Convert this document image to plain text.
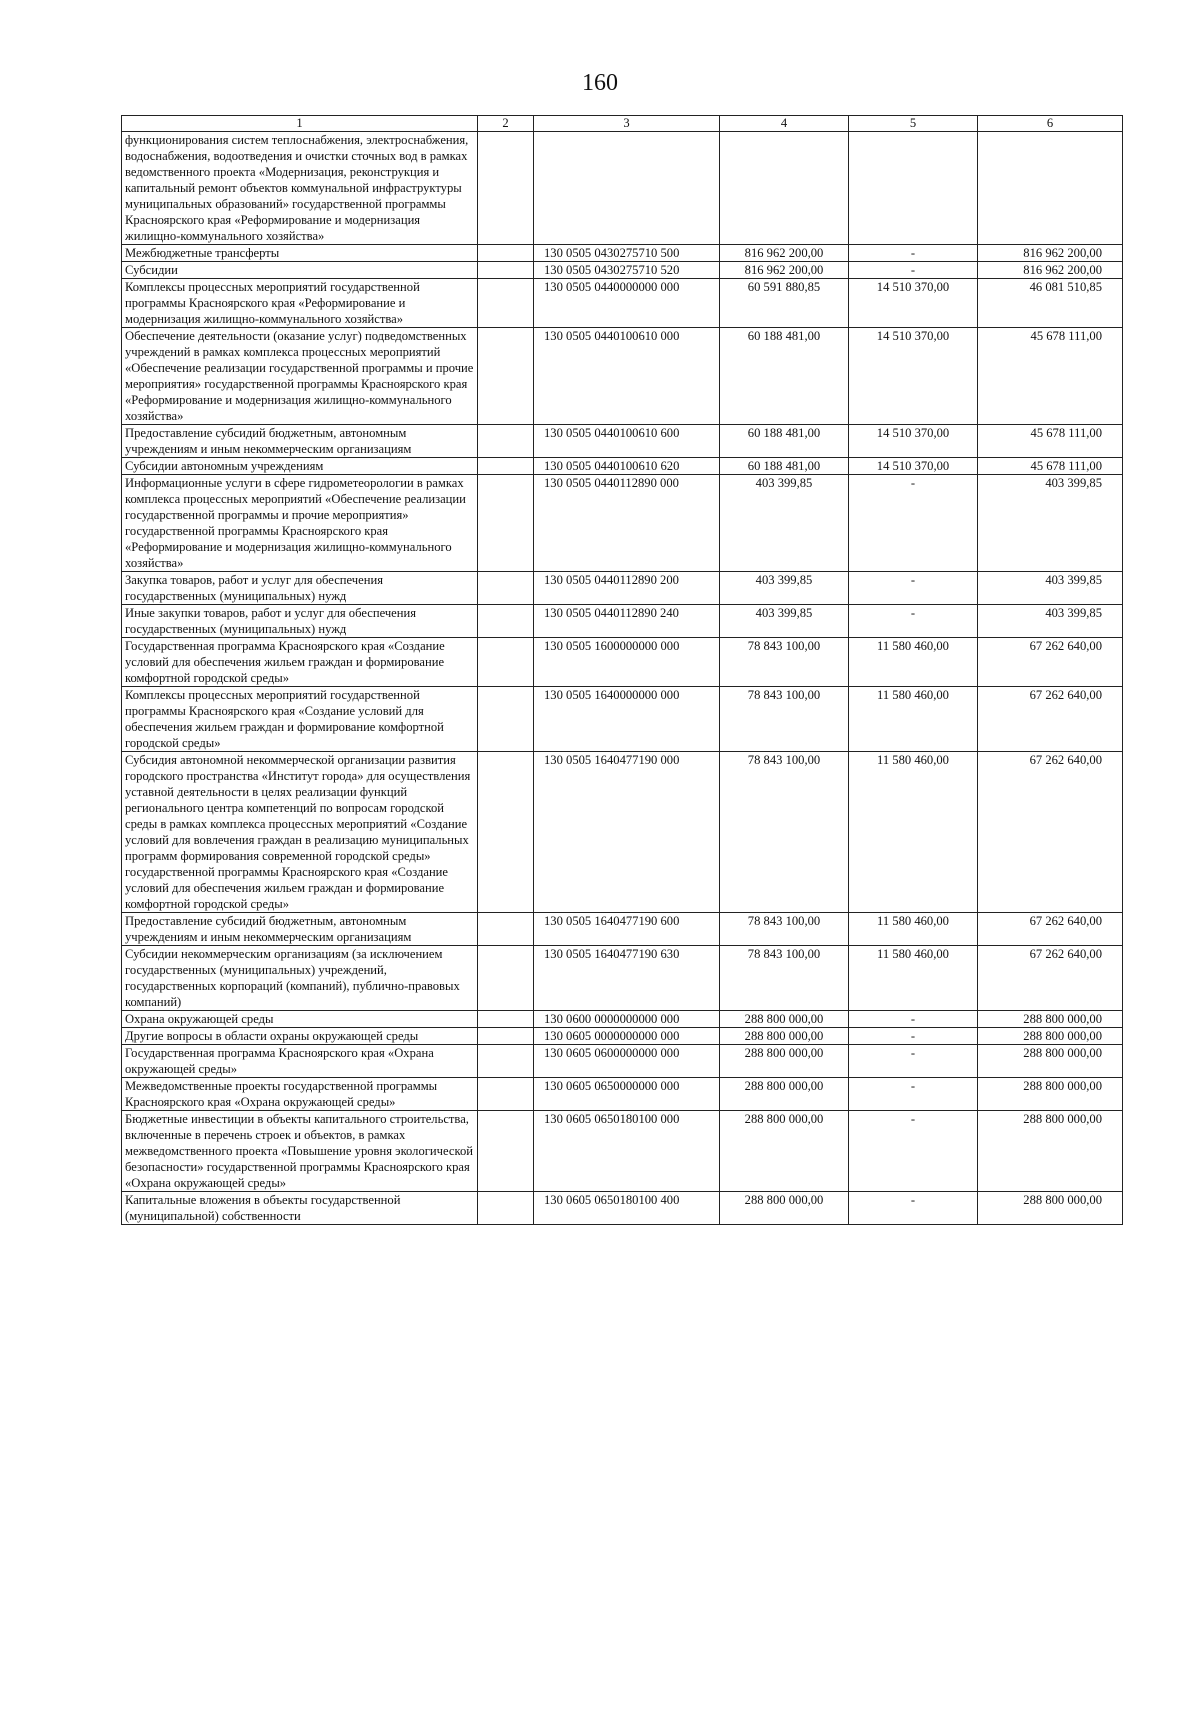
160
1	2	3	4	5	6
функционирования систем теплоснабжения, электроснабжения, водоснабжения, водоотведения и очистки сточных вод в рамках ведомственного проекта «Модернизация, реконструкция и капитальный ремонт объектов коммунальной инфраструктуры муниципальных образований» государственной программы Красноярского края «Реформирование и модернизация жилищно-коммунального хозяйства»					
Межбюджетные трансферты		130 0505 0430275710 500	816 962 200,00	-	816 962 200,00
Субсидии		130 0505 0430275710 520	816 962 200,00	-	816 962 200,00
Комплексы процессных мероприятий государственной программы Красноярского края «Реформирование и модернизация жилищно-коммунального хозяйства»		130 0505 0440000000 000	60 591 880,85	14 510 370,00	46 081 510,85
Обеспечение деятельности (оказание услуг) подведомственных учреждений в рамках комплекса процессных мероприятий «Обеспечение реализации государственной программы и прочие мероприятия» государственной программы Красноярского края «Реформирование и модернизация жилищно-коммунального хозяйства»		130 0505 0440100610 000	60 188 481,00	14 510 370,00	45 678 111,00
Предоставление субсидий бюджетным, автономным учреждениям и иным некоммерческим организациям		130 0505 0440100610 600	60 188 481,00	14 510 370,00	45 678 111,00
Субсидии автономным учреждениям		130 0505 0440100610 620	60 188 481,00	14 510 370,00	45 678 111,00
Информационные услуги в сфере гидрометеорологии в рамках комплекса процессных мероприятий «Обеспечение реализации государственной программы и прочие мероприятия» государственной программы Красноярского края «Реформирование и модернизация жилищно-коммунального хозяйства»		130 0505 0440112890 000	403 399,85	-	403 399,85
Закупка товаров, работ и услуг для обеспечения государственных (муниципальных) нужд		130 0505 0440112890 200	403 399,85	-	403 399,85
Иные закупки товаров, работ и услуг для обеспечения государственных (муниципальных) нужд		130 0505 0440112890 240	403 399,85	-	403 399,85
Государственная программа Красноярского края «Создание условий для обеспечения жильем граждан и формирование комфортной городской среды»		130 0505 1600000000 000	78 843 100,00	11 580 460,00	67 262 640,00
Комплексы процессных мероприятий государственной программы Красноярского края «Создание условий для обеспечения жильем граждан и формирование комфортной городской среды»		130 0505 1640000000 000	78 843 100,00	11 580 460,00	67 262 640,00
Субсидия автономной некоммерческой организации развития городского пространства «Институт города» для осуществления уставной деятельности в целях реализации функций регионального центра компетенций по вопросам городской среды в рамках комплекса процессных мероприятий «Создание условий для вовлечения граждан в реализацию муниципальных программ формирования современной городской среды» государственной программы Красноярского края «Создание условий для обеспечения жильем граждан и формирование комфортной городской среды»		130 0505 1640477190 000	78 843 100,00	11 580 460,00	67 262 640,00
Предоставление субсидий бюджетным, автономным учреждениям и иным некоммерческим организациям		130 0505 1640477190 600	78 843 100,00	11 580 460,00	67 262 640,00
Субсидии некоммерческим организациям (за исключением государственных (муниципальных) учреждений, государственных корпораций (компаний), публично-правовых компаний)		130 0505 1640477190 630	78 843 100,00	11 580 460,00	67 262 640,00
Охрана окружающей среды		130 0600 0000000000 000	288 800 000,00	-	288 800 000,00
Другие вопросы в области охраны окружающей среды		130 0605 0000000000 000	288 800 000,00	-	288 800 000,00
Государственная программа Красноярского края «Охрана окружающей среды»		130 0605 0600000000 000	288 800 000,00	-	288 800 000,00
Межведомственные проекты государственной программы Красноярского края «Охрана окружающей среды»		130 0605 0650000000 000	288 800 000,00	-	288 800 000,00
Бюджетные инвестиции в объекты капитального строительства, включенные в перечень строек и объектов, в рамках межведомственного проекта «Повышение уровня экологической безопасности» государственной программы Красноярского края «Охрана окружающей среды»		130 0605 0650180100 000	288 800 000,00	-	288 800 000,00
Капитальные вложения в объекты государственной (муниципальной) собственности		130 0605 0650180100 400	288 800 000,00	-	288 800 000,00
